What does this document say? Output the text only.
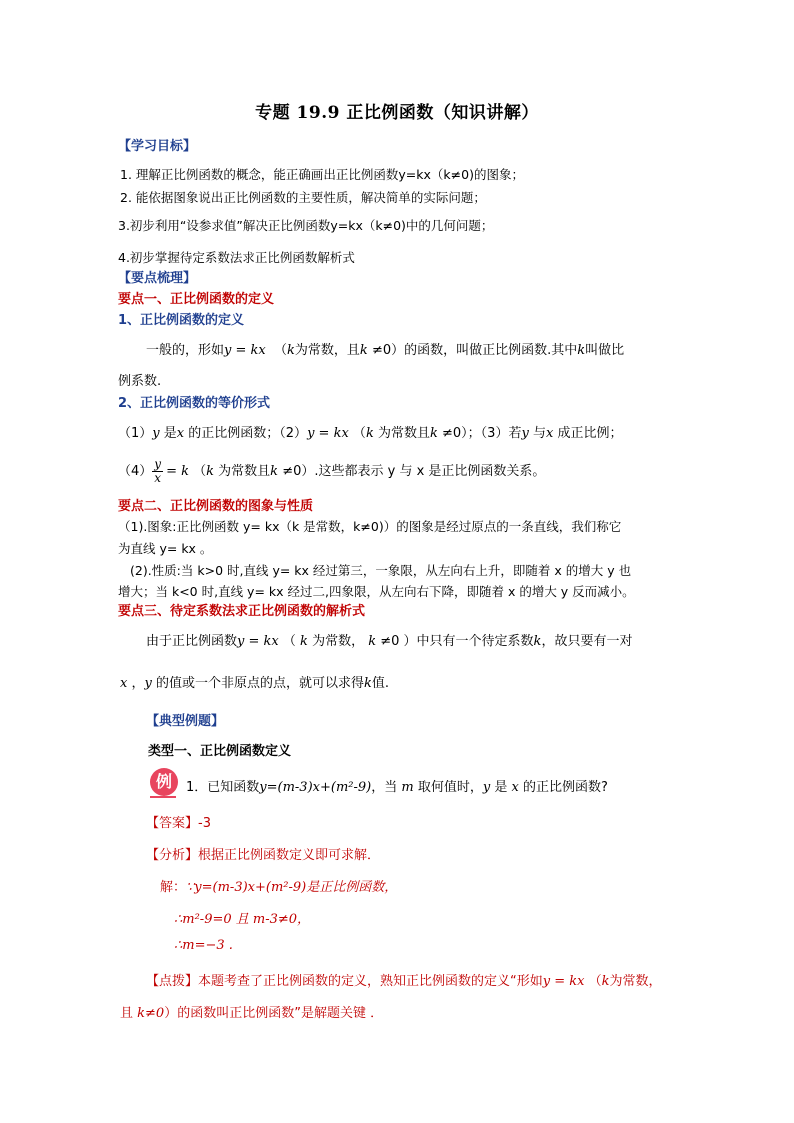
专题 19.9 正比例函数（知识讲解）
【学习目标】
1. 理解正比例函数的概念，能正确画出正比例函数y=kx（k≠0)的图象；
2. 能依据图象说出正比例函数的主要性质，解决简单的实际问题；
3.初步利用“设参求值”解决正比例函数y=kx（k≠0)中的几何问题；
4.初步掌握待定系数法求正比例函数解析式
【要点梳理】
要点一、正比例函数的定义
1、正比例函数的定义
一般的，形如y = kx （k为常数，且k ≠0）的函数，叫做正比例函数.其中k叫做比
例系数.
2、正比例函数的等价形式
（1）y 是x 的正比例函数；（2）y = kx （k 为常数且k ≠0）；（3）若y 与x 成正比例；
$(4) \frac{y}{x} = k$ （k 为常数且k ≠0）.这些都表示 y 与 x 是正比例函数关系。
要点二、正比例函数的图象与性质
（1).图象:正比例函数 y= kx（k 是常数，k≠0)）的图象是经过原点的一条直线，我们称它
为直线 y= kx 。
(2).性质:当 k>0 时,直线 y= kx 经过第三，一象限，从左向右上升，即随着 x 的增大 y 也
增大；当 k<0 时,直线 y= kx 经过二,四象限，从左向右下降，即随着 x 的增大 y 反而减小。
要点三、待定系数法求正比例函数的解析式
由于正比例函数y = kx （ k 为常数， k ≠0 ）中只有一个待定系数k，故只要有一对
x ，y 的值或一个非原点的点，就可以求得k值.
【典型例题】
类型一、正比例函数定义
例	1．已知函数y=(m-3)x+(m²-9)，当 m 取何值时，y 是 x 的正比例函数?
【答案】-3
【分析】根据正比例函数定义即可求解．
解：∵y=(m-3)x+(m²-9)是正比例函数，
∴m²-9=0 且 m-3≠0，
∴m=−3 .
【点拨】本题考查了正比例函数的定义，熟知正比例函数的定义“形如y = kx （k为常数，
且 k≠0）的函数叫正比例函数”是解题关键 ．
